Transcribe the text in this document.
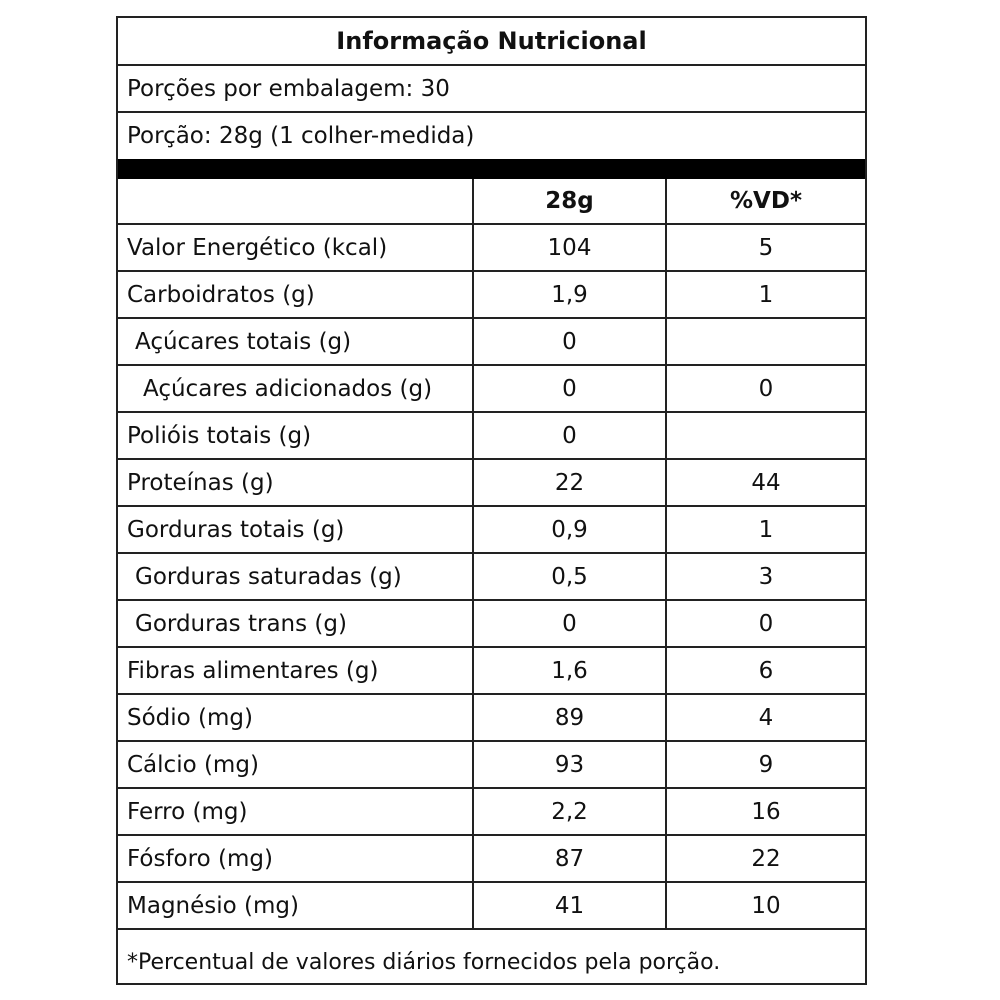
Informação Nutricional
Porções por embalagem: 30
Porção: 28g (1 colher-medida)
	28g	%VD*
Valor Energético (kcal)	104	5
Carboidratos (g)	1,9	1
Açúcares totais (g)	0	
Açúcares adicionados (g)	0	0
Polióis totais (g)	0	
Proteínas (g)	22	44
Gorduras totais (g)	0,9	1
Gorduras saturadas (g)	0,5	3
Gorduras trans (g)	0	0
Fibras alimentares (g)	1,6	6
Sódio (mg)	89	4
Cálcio (mg)	93	9
Ferro (mg)	2,2	16
Fósforo (mg)	87	22
Magnésio (mg)	41	10
*Percentual de valores diários fornecidos pela porção.
